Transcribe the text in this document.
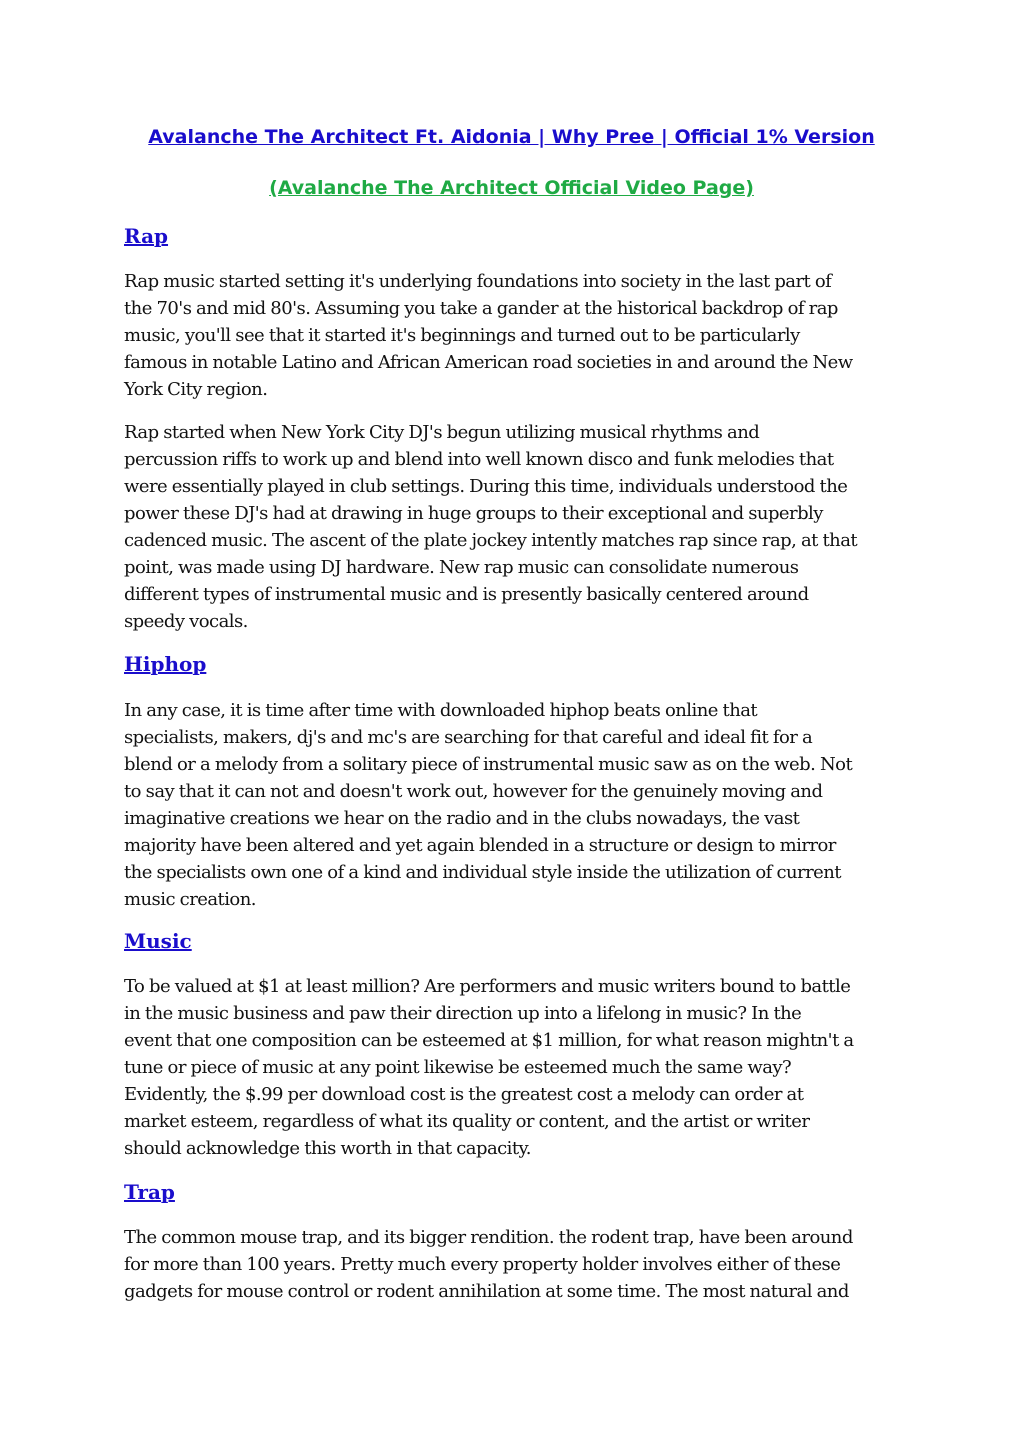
Avalanche The Architect Ft. Aidonia | Why Pree | Official 1% Version
(Avalanche The Architect Official Video Page)
Rap

Rap music started setting it's underlying foundations into society in the last part of
the 70's and mid 80's. Assuming you take a gander at the historical backdrop of rap
music, you'll see that it started it's beginnings and turned out to be particularly
famous in notable Latino and African American road societies in and around the New
York City region.

Rap started when New York City DJ's begun utilizing musical rhythms and
percussion riffs to work up and blend into well known disco and funk melodies that
were essentially played in club settings. During this time, individuals understood the
power these DJ's had at drawing in huge groups to their exceptional and superbly
cadenced music. The ascent of the plate jockey intently matches rap since rap, at that
point, was made using DJ hardware. New rap music can consolidate numerous
different types of instrumental music and is presently basically centered around
speedy vocals.

Hiphop

In any case, it is time after time with downloaded hiphop beats online that
specialists, makers, dj's and mc's are searching for that careful and ideal fit for a
blend or a melody from a solitary piece of instrumental music saw as on the web. Not
to say that it can not and doesn't work out, however for the genuinely moving and
imaginative creations we hear on the radio and in the clubs nowadays, the vast
majority have been altered and yet again blended in a structure or design to mirror
the specialists own one of a kind and individual style inside the utilization of current
music creation.

Music

To be valued at $1 at least million? Are performers and music writers bound to battle
in the music business and paw their direction up into a lifelong in music? In the
event that one composition can be esteemed at $1 million, for what reason mightn't a
tune or piece of music at any point likewise be esteemed much the same way?
Evidently, the $.99 per download cost is the greatest cost a melody can order at
market esteem, regardless of what its quality or content, and the artist or writer
should acknowledge this worth in that capacity.

Trap

The common mouse trap, and its bigger rendition. the rodent trap, have been around
for more than 100 years. Pretty much every property holder involves either of these
gadgets for mouse control or rodent annihilation at some time. The most natural and
